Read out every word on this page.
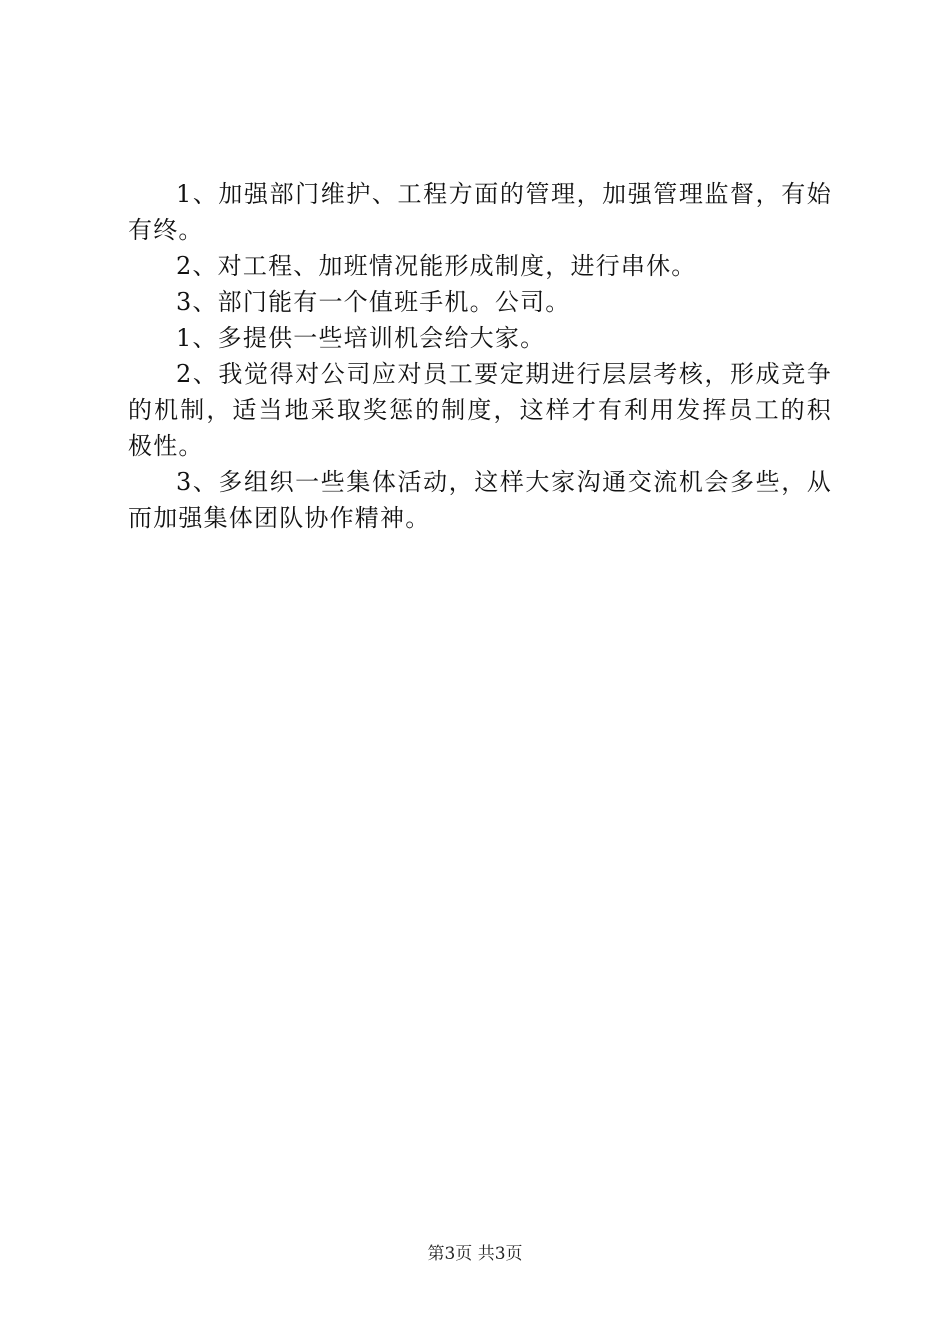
1、加强部门维护、工程方面的管理，加强管理监督，有始有终。

2、对工程、加班情况能形成制度，进行串休。

3、部门能有一个值班手机。公司。

1、多提供一些培训机会给大家。

2、我觉得对公司应对员工要定期进行层层考核，形成竞争的机制，适当地采取奖惩的制度，这样才有利用发挥员工的积极性。

3、多组织一些集体活动，这样大家沟通交流机会多些，从而加强集体团队协作精神。

第3页 共3页
